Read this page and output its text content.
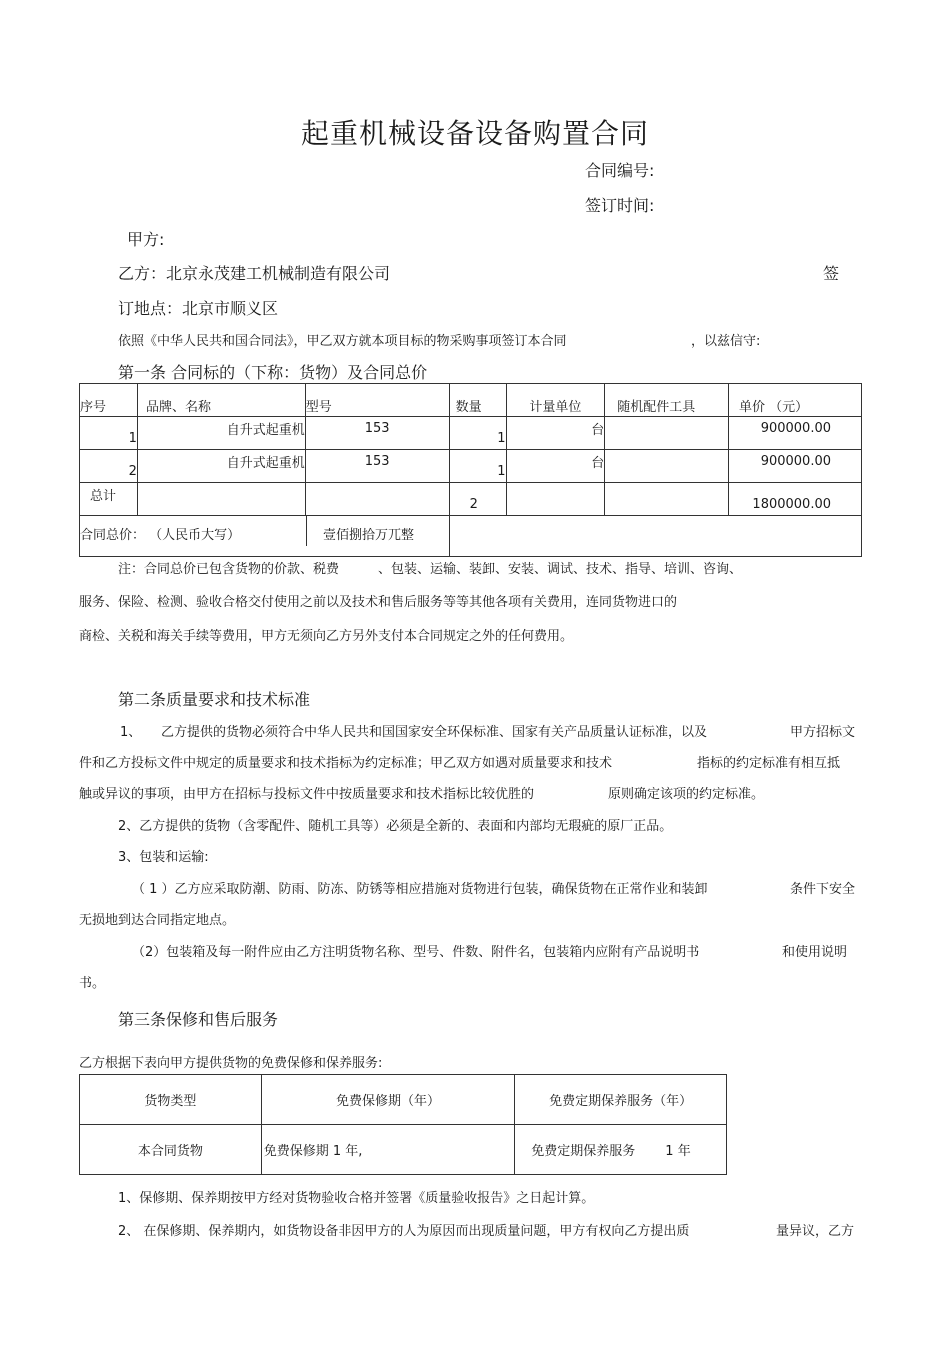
起重机械设备设备购置合同
合同编号:
签订时间:
甲方:
乙方：北京永茂建工机械制造有限公司	签
订地点：北京市顺义区
依照《中华人民共和国合同法》，甲乙双方就本项目标的物采购事项签订本合同	，以兹信守:
第一条 合同标的（下称：货物）及合同总价
序号	品牌、名称	型号	数量	计量单位	随机配件工具	单价 （元）
1	自升式起重机	153	1	台		900000.00
2	自升式起重机	153	1	台		900000.00
总计			2			1800000.00
合同总价： （人民币大写） 壹佰捌拾万兀整						
注：合同总价已包含货物的价款、税费	、包装、运输、装卸、安装、调试、技术、指导、培训、咨询、
服务、保险、检测、验收合格交付使用之前以及技术和售后服务等等其他各项有关费用，连同货物进口的
商检、关税和海关手续等费用，甲方无须向乙方另外支付本合同规定之外的任何费用。
第二条质量要求和技术标准
1、 乙方提供的货物必须符合中华人民共和国国家安全环保标准、国家有关产品质量认证标准，以及	甲方招标文
件和乙方投标文件中规定的质量要求和技术指标为约定标准；甲乙双方如遇对质量要求和技术	指标的约定标准有相互抵
触或异议的事项，由甲方在招标与投标文件中按质量要求和技术指标比较优胜的	原则确定该项的约定标准。
2、乙方提供的货物（含零配件、随机工具等）必须是全新的、表面和内部均无瑕疵的原厂正品。
3、包装和运输:
（ 1 ）乙方应采取防潮、防雨、防冻、防锈等相应措施对货物进行包装，确保货物在正常作业和装卸	条件下安全
无损地到达合同指定地点。
（2）包装箱及每一附件应由乙方注明货物名称、型号、件数、附件名，包装箱内应附有产品说明书	和使用说明
书。
第三条保修和售后服务
乙方根据下表向甲方提供货物的免费保修和保养服务:
货物类型	免费保修期（年）	免费定期保养服务（年）
本合同货物	免费保修期 1 年,	免费定期保养服务 1 年
1、保修期、保养期按甲方经对货物验收合格并签署《质量验收报告》之日起计算。
2、 在保修期、保养期内，如货物设备非因甲方的人为原因而出现质量问题，甲方有权向乙方提出质	量异议，乙方
